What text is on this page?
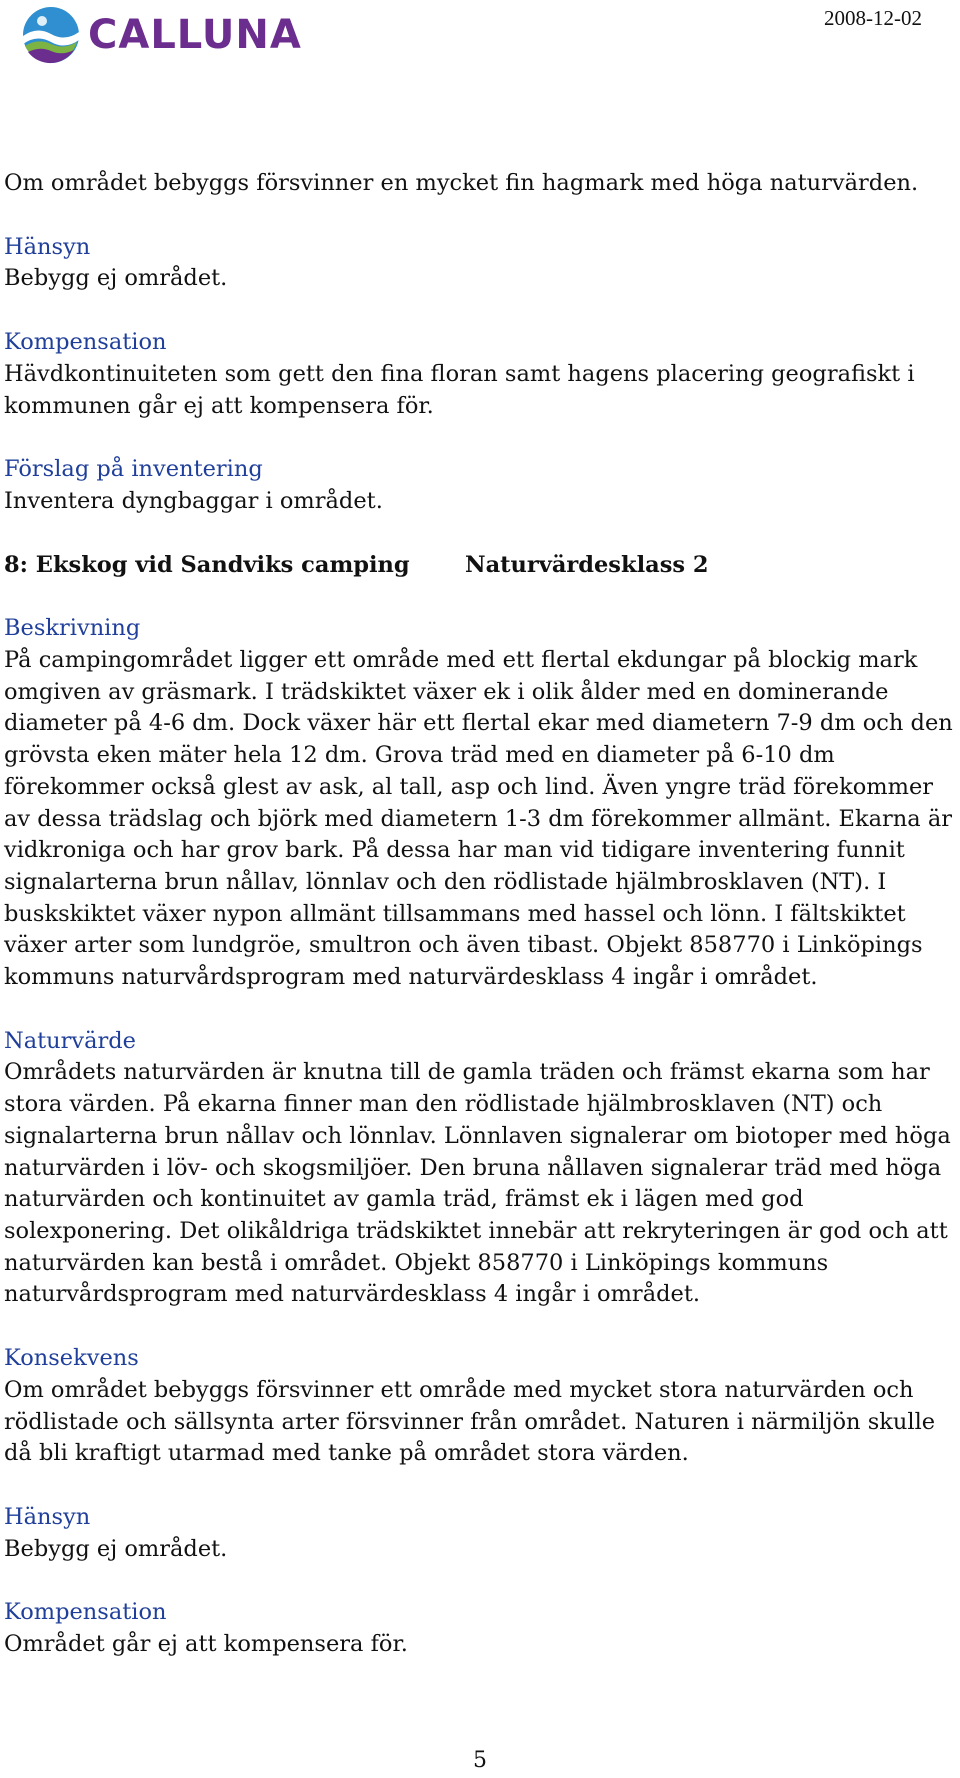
CALLUNA	2008-12-02

Om området bebyggs försvinner en mycket fin hagmark med höga naturvärden.

Hänsyn

Bebygg ej området.

Kompensation

Hävdkontinuiteten som gett den fina floran samt hagens placering geografiskt i kommunen går ej att kompensera för.

Förslag på inventering

Inventera dyngbaggar i området.

8: Ekskog vid Sandviks camping	Naturvärdesklass 2

Beskrivning

På campingområdet ligger ett område med ett flertal ekdungar på blockig mark omgiven av gräsmark. I trädskiktet växer ek i olik ålder med en dominerande diameter på 4-6 dm. Dock växer här ett flertal ekar med diametern 7-9 dm och den grövsta eken mäter hela 12 dm. Grova träd med en diameter på 6-10 dm förekommer också glest av ask, al tall, asp och lind. Även yngre träd förekommer av dessa trädslag och björk med diametern 1-3 dm förekommer allmänt. Ekarna är vidkroniga och har grov bark. På dessa har man vid tidigare inventering funnit signalarterna brun nållav, lönnlav och den rödlistade hjälmbrosklaven (NT). I buskskiktet växer nypon allmänt tillsammans med hassel och lönn. I fältskiktet växer arter som lundgröe, smultron och även tibast. Objekt 858770 i Linköpings kommuns naturvårdsprogram med naturvärdesklass 4 ingår i området.

Naturvärde

Områdets naturvärden är knutna till de gamla träden och främst ekarna som har stora värden. På ekarna finner man den rödlistade hjälmbrosklaven (NT) och signalarterna brun nållav och lönnlav. Lönnlaven signalerar om biotoper med höga naturvärden i löv- och skogsmiljöer. Den bruna nållaven signalerar träd med höga naturvärden och kontinuitet av gamla träd, främst ek i lägen med god solexponering. Det olikåldriga trädskiktet innebär att rekryteringen är god och att naturvärden kan bestå i området. Objekt 858770 i Linköpings kommuns naturvårdsprogram med naturvärdesklass 4 ingår i området.

Konsekvens

Om området bebyggs försvinner ett område med mycket stora naturvärden och rödlistade och sällsynta arter försvinner från området. Naturen i närmiljön skulle då bli kraftigt utarmad med tanke på området stora värden.

Hänsyn

Bebygg ej området.

Kompensation

Området går ej att kompensera för.

5
